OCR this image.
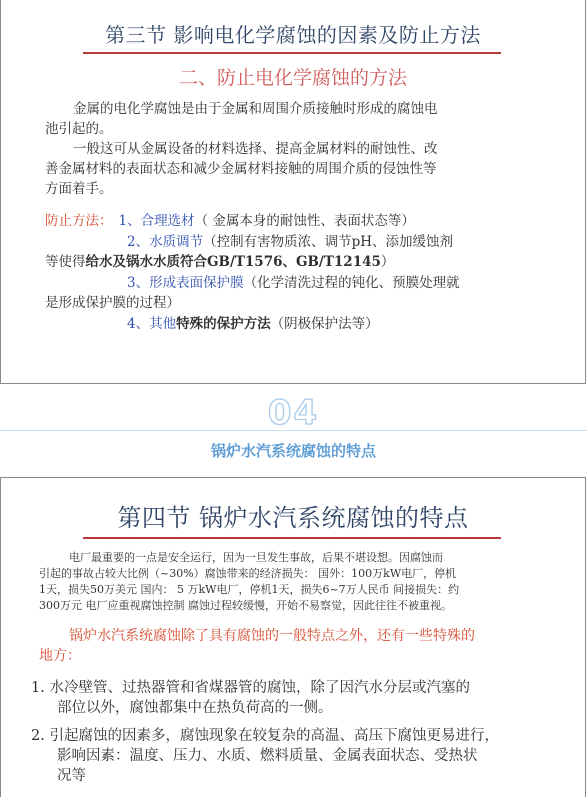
第三节 影响电化学腐蚀的因素及防止方法
二、防止电化学腐蚀的方法
金属的电化学腐蚀是由于金属和周围介质接触时形成的腐蚀电
池引起的。
一般这可从金属设备的材料选择、提高金属材料的耐蚀性、改
善金属材料的表面状态和减少金属材料接触的周围介质的侵蚀性等
方面着手。
防止方法： 1、合理选材（ 金属本身的耐蚀性、表面状态等）
2、水质调节（控制有害物质浓、调节pH、添加缓蚀剂
等使得给水及锅水水质符合GB/T1576、GB/T12145）
3、形成表面保护膜（化学清洗过程的钝化、预膜处理就
是形成保护膜的过程）
4、其他特殊的保护方法（阴极保护法等）
04
锅炉水汽系统腐蚀的特点
第四节 锅炉水汽系统腐蚀的特点
电厂最重要的一点是安全运行，因为一旦发生事故，后果不堪设想。因腐蚀而
引起的事故占较大比例（~30%）腐蚀带来的经济损失： 国外：100万kW电厂，停机
1天，损失50万美元 国内： 5 万kW电厂，停机1天，损失6~7万人民币 间接损失：约
300万元 电厂应重视腐蚀控制 腐蚀过程较缓慢，开始不易察觉，因此往往不被重视。
锅炉水汽系统腐蚀除了具有腐蚀的一般特点之外，还有一些特殊的
地方：
1. 水冷壁管、过热器管和省煤器管的腐蚀，除了因汽水分层或汽塞的
部位以外，腐蚀都集中在热负荷高的一侧。
2. 引起腐蚀的因素多，腐蚀现象在较复杂的高温、高压下腐蚀更易进行，
影响因素：温度、压力、水质、燃料质量、金属表面状态、受热状
况等
